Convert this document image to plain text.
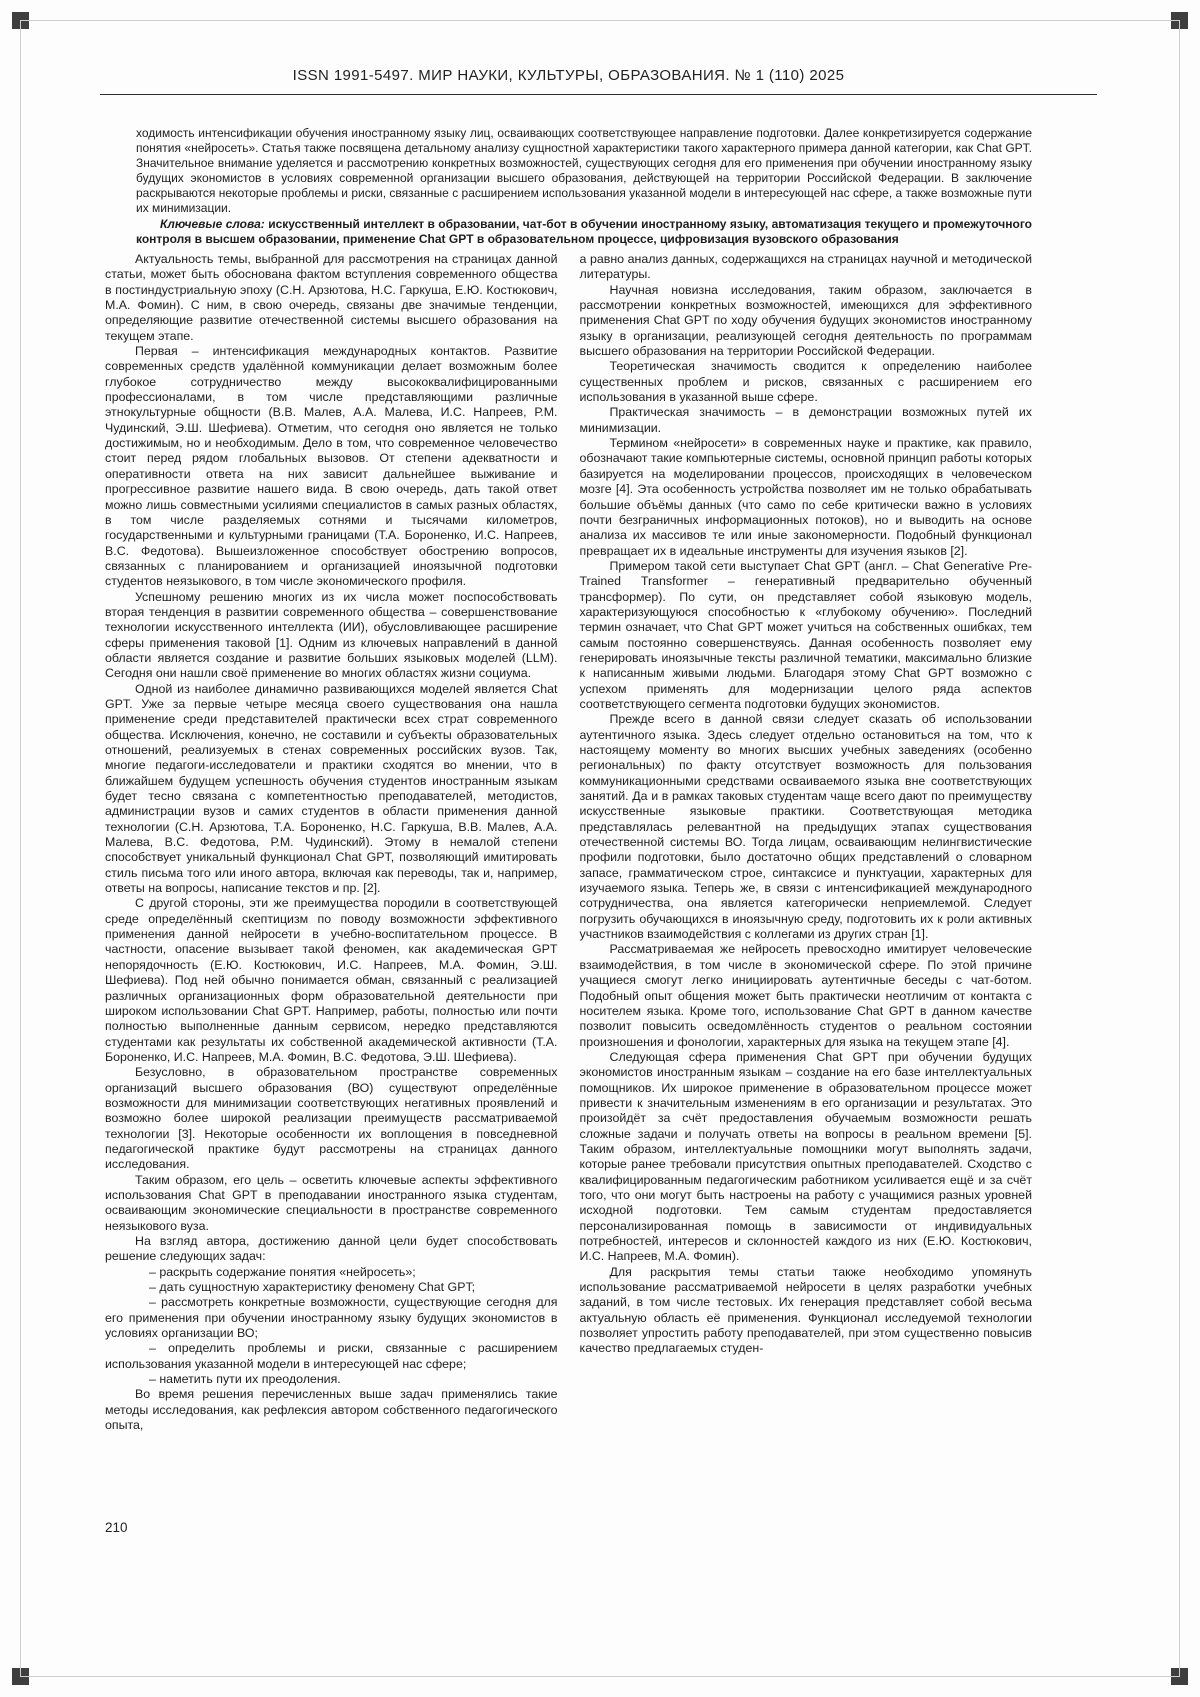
ISSN 1991-5497. МИР НАУКИ, КУЛЬТУРЫ, ОБРАЗОВАНИЯ. № 1 (110) 2025

ходимость интенсификации обучения иностранному языку лиц, осваивающих соответствующее направление подготовки. Далее конкретизируется содержание понятия «нейросеть». Статья также посвящена детальному анализу сущностной характеристики такого характерного примера данной категории, как Chat GPT. Значительное внимание уделяется и рассмотрению конкретных возможностей, существующих сегодня для его применения при обучении иностранному языку будущих экономистов в условиях современной организации высшего образования, действующей на территории Российской Федерации. В заключение раскрываются некоторые проблемы и риски, связанные с расширением использования указанной модели в интересующей нас сфере, а также возможные пути их минимизации.

Ключевые слова: искусственный интеллект в образовании, чат-бот в обучении иностранному языку, автоматизация текущего и промежуточного контроля в высшем образовании, применение Chat GPT в образовательном процессе, цифровизация вузовского образования

Актуальность темы, выбранной для рассмотрения на страницах данной статьи, может быть обоснована фактом вступления современного общества в постиндустриальную эпоху (С.Н. Арзютова, Н.С. Гаркуша, Е.Ю. Костюкович, М.А. Фомин). С ним, в свою очередь, связаны две значимые тенденции, определяющие развитие отечественной системы высшего образования на текущем этапе.

Первая – интенсификация международных контактов. Развитие современных средств удалённой коммуникации делает возможным более глубокое сотрудничество между высококвалифицированными профессионалами, в том числе представляющими различные этнокультурные общности (В.В. Малев, А.А. Малева, И.С. Напреев, Р.М. Чудинский, Э.Ш. Шефиева). Отметим, что сегодня оно является не только достижимым, но и необходимым. Дело в том, что современное человечество стоит перед рядом глобальных вызовов. От степени адекватности и оперативности ответа на них зависит дальнейшее выживание и прогрессивное развитие нашего вида. В свою очередь, дать такой ответ можно лишь совместными усилиями специалистов в самых разных областях, в том числе разделяемых сотнями и тысячами километров, государственными и культурными границами (Т.А. Бороненко, И.С. Напреев, В.С. Федотова). Вышеизложенное способствует обострению вопросов, связанных с планированием и организацией иноязычной подготовки студентов неязыкового, в том числе экономического профиля.

Успешному решению многих из их числа может поспособствовать вторая тенденция в развитии современного общества – совершенствование технологии искусственного интеллекта (ИИ), обусловливающее расширение сферы применения таковой [1]. Одним из ключевых направлений в данной области является создание и развитие больших языковых моделей (LLM). Сегодня они нашли своё применение во многих областях жизни социума.

Одной из наиболее динамично развивающихся моделей является Chat GPT. Уже за первые четыре месяца своего существования она нашла применение среди представителей практически всех страт современного общества. Исключения, конечно, не составили и субъекты образовательных отношений, реализуемых в стенах современных российских вузов. Так, многие педагоги-исследователи и практики сходятся во мнении, что в ближайшем будущем успешность обучения студентов иностранным языкам будет тесно связана с компетентностью преподавателей, методистов, администрации вузов и самих студентов в области применения данной технологии (С.Н. Арзютова, Т.А. Бороненко, Н.С. Гаркуша, В.В. Малев, А.А. Малева, В.С. Федотова, Р.М. Чудинский). Этому в немалой степени способствует уникальный функционал Chat GPT, позволяющий имитировать стиль письма того или иного автора, включая как переводы, так и, например, ответы на вопросы, написание текстов и пр. [2].

С другой стороны, эти же преимущества породили в соответствующей среде определённый скептицизм по поводу возможности эффективного применения данной нейросети в учебно-воспитательном процессе. В частности, опасение вызывает такой феномен, как академическая GPT непорядочность (Е.Ю. Костюкович, И.С. Напреев, М.А. Фомин, Э.Ш. Шефиева). Под ней обычно понимается обман, связанный с реализацией различных организационных форм образовательной деятельности при широком использовании Chat GPT. Например, работы, полностью или почти полностью выполненные данным сервисом, нередко представляются студентами как результаты их собственной академической активности (Т.А. Бороненко, И.С. Напреев, М.А. Фомин, В.С. Федотова, Э.Ш. Шефиева).

Безусловно, в образовательном пространстве современных организаций высшего образования (ВО) существуют определённые возможности для минимизации соответствующих негативных проявлений и возможно более широкой реализации преимуществ рассматриваемой технологии [3]. Некоторые особенности их воплощения в повседневной педагогической практике будут рассмотрены на страницах данного исследования.

Таким образом, его цель – осветить ключевые аспекты эффективного использования Chat GPT в преподавании иностранного языка студентам, осваивающим экономические специальности в пространстве современного неязыкового вуза.

На взгляд автора, достижению данной цели будет способствовать решение следующих задач:

– раскрыть содержание понятия «нейросеть»;

– дать сущностную характеристику феномену Chat GPT;

– рассмотреть конкретные возможности, существующие сегодня для его применения при обучении иностранному языку будущих экономистов в условиях организации ВО;

– определить проблемы и риски, связанные с расширением использования указанной модели в интересующей нас сфере;

– наметить пути их преодоления.

Во время решения перечисленных выше задач применялись такие методы исследования, как рефлексия автором собственного педагогического опыта,

а равно анализ данных, содержащихся на страницах научной и методической литературы.

Научная новизна исследования, таким образом, заключается в рассмотрении конкретных возможностей, имеющихся для эффективного применения Chat GPT по ходу обучения будущих экономистов иностранному языку в организации, реализующей сегодня деятельность по программам высшего образования на территории Российской Федерации.

Теоретическая значимость сводится к определению наиболее существенных проблем и рисков, связанных с расширением его использования в указанной выше сфере.

Практическая значимость – в демонстрации возможных путей их минимизации.

Термином «нейросети» в современных науке и практике, как правило, обозначают такие компьютерные системы, основной принцип работы которых базируется на моделировании процессов, происходящих в человеческом мозге [4]. Эта особенность устройства позволяет им не только обрабатывать большие объёмы данных (что само по себе критически важно в условиях почти безграничных информационных потоков), но и выводить на основе анализа их массивов те или иные закономерности. Подобный функционал превращает их в идеальные инструменты для изучения языков [2].

Примером такой сети выступает Chat GPT (англ. – Chat Generative Pre-Trained Transformer – генеративный предварительно обученный трансформер). По сути, он представляет собой языковую модель, характеризующуюся способностью к «глубокому обучению». Последний термин означает, что Chat GPT может учиться на собственных ошибках, тем самым постоянно совершенствуясь. Данная особенность позволяет ему генерировать иноязычные тексты различной тематики, максимально близкие к написанным живыми людьми. Благодаря этому Chat GPT возможно с успехом применять для модернизации целого ряда аспектов соответствующего сегмента подготовки будущих экономистов.

Прежде всего в данной связи следует сказать об использовании аутентичного языка. Здесь следует отдельно остановиться на том, что к настоящему моменту во многих высших учебных заведениях (особенно региональных) по факту отсутствует возможность для пользования коммуникационными средствами осваиваемого языка вне соответствующих занятий. Да и в рамках таковых студентам чаще всего дают по преимуществу искусственные языковые практики. Соответствующая методика представлялась релевантной на предыдущих этапах существования отечественной системы ВО. Тогда лицам, осваивающим нелингвистические профили подготовки, было достаточно общих представлений о словарном запасе, грамматическом строе, синтаксисе и пунктуации, характерных для изучаемого языка. Теперь же, в связи с интенсификацией международного сотрудничества, она является категорически неприемлемой. Следует погрузить обучающихся в иноязычную среду, подготовить их к роли активных участников взаимодействия с коллегами из других стран [1].

Рассматриваемая же нейросеть превосходно имитирует человеческие взаимодействия, в том числе в экономической сфере. По этой причине учащиеся смогут легко инициировать аутентичные беседы с чат-ботом. Подобный опыт общения может быть практически неотличим от контакта с носителем языка. Кроме того, использование Chat GPT в данном качестве позволит повысить осведомлённость студентов о реальном состоянии произношения и фонологии, характерных для языка на текущем этапе [4].

Следующая сфера применения Chat GPT при обучении будущих экономистов иностранным языкам – создание на его базе интеллектуальных помощников. Их широкое применение в образовательном процессе может привести к значительным изменениям в его организации и результатах. Это произойдёт за счёт предоставления обучаемым возможности решать сложные задачи и получать ответы на вопросы в реальном времени [5]. Таким образом, интеллектуальные помощники могут выполнять задачи, которые ранее требовали присутствия опытных преподавателей. Сходство с квалифицированным педагогическим работником усиливается ещё и за счёт того, что они могут быть настроены на работу с учащимися разных уровней исходной подготовки. Тем самым студентам предоставляется персонализированная помощь в зависимости от индивидуальных потребностей, интересов и склонностей каждого из них (Е.Ю. Костюкович, И.С. Напреев, М.А. Фомин).

Для раскрытия темы статьи также необходимо упомянуть использование рассматриваемой нейросети в целях разработки учебных заданий, в том числе тестовых. Их генерация представляет собой весьма актуальную область её применения. Функционал исследуемой технологии позволяет упростить работу преподавателей, при этом существенно повысив качество предлагаемых студен-

210
